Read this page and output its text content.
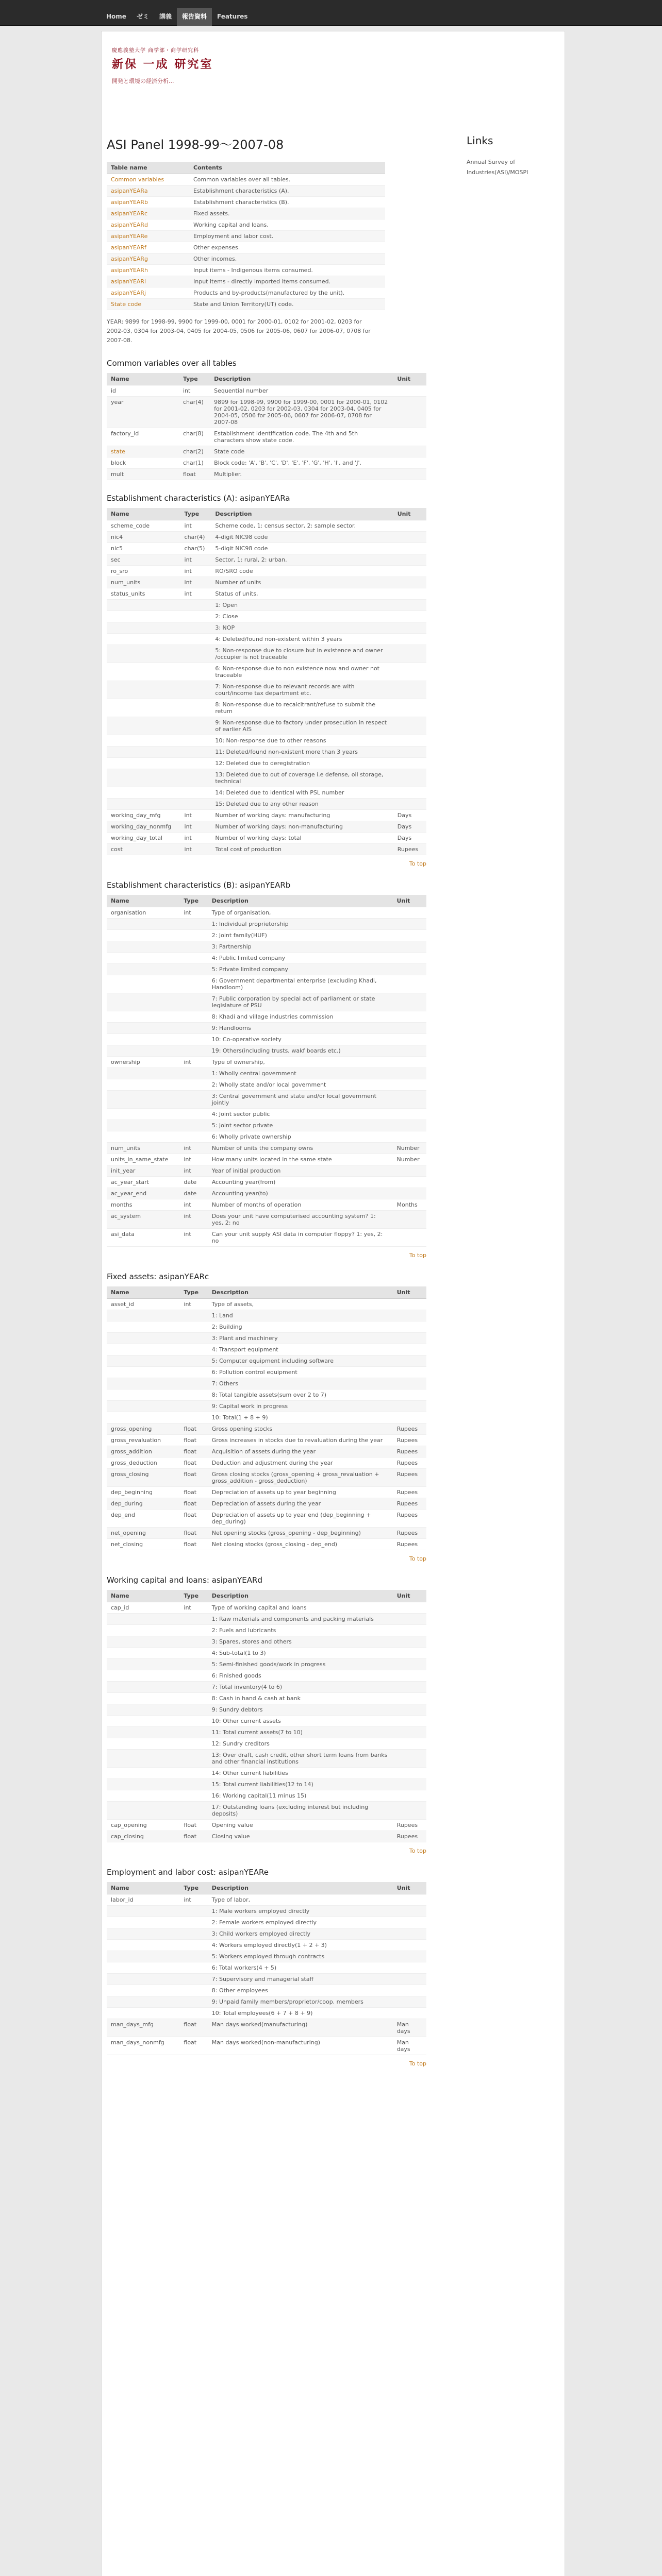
Home	ゼミ	講義	報告資料	Features
慶應義塾大学 商学部・商学研究科
新保 一成 研究室
開発と環境の経済分析...
ASI Panel 1998-99〜2007-08
Table name	Contents
Common variables	Common variables over all tables.
asipanYEARa	Establishment characteristics (A).
asipanYEARb	Establishment characteristics (B).
asipanYEARc	Fixed assets.
asipanYEARd	Working capital and loans.
asipanYEARe	Employment and labor cost.
asipanYEARf	Other expenses.
asipanYEARg	Other incomes.
asipanYEARh	Input items - Indigenous items consumed.
asipanYEARi	Input items - directly imported items consumed.
asipanYEARj	Products and by-products(manufactured by the unit).
State code	State and Union Territory(UT) code.
YEAR: 9899 for 1998-99, 9900 for 1999-00, 0001 for 2000-01, 0102 for 2001-02, 0203 for 2002-03, 0304 for 2003-04, 0405 for 2004-05, 0506 for 2005-06, 0607 for 2006-07, 0708 for 2007-08.
Common variables over all tables
Name	Type	Description	Unit
id	int	Sequential number	
year	char(4)	9899 for 1998-99, 9900 for 1999-00, 0001 for 2000-01, 0102 for 2001-02, 0203 for 2002-03, 0304 for 2003-04, 0405 for 2004-05, 0506 for 2005-06, 0607 for 2006-07, 0708 for 2007-08	
factory_id	char(8)	Establishment identification code. The 4th and 5th characters show state code.	
state	char(2)	State code	
block	char(1)	Block code: 'A', 'B', 'C', 'D', 'E', 'F', 'G', 'H', 'I', and 'J'.	
mult	float	Multiplier.	
Establishment characteristics (A): asipanYEARa
Name	Type	Description	Unit
scheme_code	int	Scheme code, 1: census sector, 2: sample sector.	
nic4	char(4)	4-digit NIC98 code	
nic5	char(5)	5-digit NIC98 code	
sec	int	Sector, 1: rural, 2: urban.	
ro_sro	int	RO/SRO code	
num_units	int	Number of units	
status_units	int	Status of units,	
		1: Open	
		2: Close	
		3: NOP	
		4: Deleted/found non-existent within 3 years	
		5: Non-response due to closure but in existence and owner /occupier is not traceable	
		6: Non-response due to non existence now and owner not traceable	
		7: Non-response due to relevant records are with court/income tax department etc.	
		8: Non-response due to recalcitrant/refuse to submit the return	
		9: Non-response due to factory under prosecution in respect of earlier AIS	
		10: Non-response due to other reasons	
		11: Deleted/found non-existent more than 3 years	
		12: Deleted due to deregistration	
		13: Deleted due to out of coverage i.e defense, oil storage, technical	
		14: Deleted due to identical with PSL number	
		15: Deleted due to any other reason	
working_day_mfg	int	Number of working days: manufacturing	Days
working_day_nonmfg	int	Number of working days: non-manufacturing	Days
working_day_total	int	Number of working days: total	Days
cost	int	Total cost of production	Rupees
To top
Establishment characteristics (B): asipanYEARb
Name	Type	Description	Unit
organisation	int	Type of organisation,	
		1: Individual proprietorship	
		2: Joint family(HUF)	
		3: Partnership	
		4: Public limited company	
		5: Private limited company	
		6: Government departmental enterprise (excluding Khadi, Handloom)	
		7: Public corporation by special act of parliament or state legislature of PSU	
		8: Khadi and village industries commission	
		9: Handlooms	
		10: Co-operative society	
		19: Others(including trusts, wakf boards etc.)	
ownership	int	Type of ownership,	
		1: Wholly central government	
		2: Wholly state and/or local government	
		3: Central government and state and/or local government jointly	
		4: Joint sector public	
		5: Joint sector private	
		6: Wholly private ownership	
num_units	int	Number of units the company owns	Number
units_in_same_state	int	How many units located in the same state	Number
init_year	int	Year of initial production	
ac_year_start	date	Accounting year(from)	
ac_year_end	date	Accounting year(to)	
months	int	Number of months of operation	Months
ac_system	int	Does your unit have computerised accounting system? 1: yes, 2: no	
asi_data	int	Can your unit supply ASI data in computer floppy? 1: yes, 2: no	
To top
Fixed assets: asipanYEARc
Name	Type	Description	Unit
asset_id	int	Type of assets,	
		1: Land	
		2: Building	
		3: Plant and machinery	
		4: Transport equipment	
		5: Computer equipment including software	
		6: Pollution control equipment	
		7: Others	
		8: Total tangible assets(sum over 2 to 7)	
		9: Capital work in progress	
		10: Total(1 + 8 + 9)	
gross_opening	float	Gross opening stocks	Rupees
gross_revaluation	float	Gross increases in stocks due to revaluation during the year	Rupees
gross_addition	float	Acquisition of assets during the year	Rupees
gross_deduction	float	Deduction and adjustment during the year	Rupees
gross_closing	float	Gross closing stocks (gross_opening + gross_revaluation + gross_addition - gross_deduction)	Rupees
dep_beginning	float	Depreciation of assets up to year beginning	Rupees
dep_during	float	Depreciation of assets during the year	Rupees
dep_end	float	Depreciation of assets up to year end (dep_beginning + dep_during)	Rupees
net_opening	float	Net opening stocks (gross_opening - dep_beginning)	Rupees
net_closing	float	Net closing stocks (gross_closing - dep_end)	Rupees
To top
Working capital and loans: asipanYEARd
Name	Type	Description	Unit
cap_id	int	Type of working capital and loans	
		1: Raw materials and components and packing materials	
		2: Fuels and lubricants	
		3: Spares, stores and others	
		4: Sub-total(1 to 3)	
		5: Semi-finished goods/work in progress	
		6: Finished goods	
		7: Total inventory(4 to 6)	
		8: Cash in hand & cash at bank	
		9: Sundry debtors	
		10: Other current assets	
		11: Total current assets(7 to 10)	
		12: Sundry creditors	
		13: Over draft, cash credit, other short term loans from banks and other financial institutions	
		14: Other current liabilities	
		15: Total current liabilities(12 to 14)	
		16: Working capital(11 minus 15)	
		17: Outstanding loans (excluding interest but including deposits)	
cap_opening	float	Opening value	Rupees
cap_closing	float	Closing value	Rupees
To top
Employment and labor cost: asipanYEARe
Name	Type	Description	Unit
labor_id	int	Type of labor,	
		1: Male workers employed directly	
		2: Female workers employed directly	
		3: Child workers employed directly	
		4: Workers employed directly(1 + 2 + 3)	
		5: Workers employed through contracts	
		6: Total workers(4 + 5)	
		7: Supervisory and managerial staff	
		8: Other employees	
		9: Unpaid family members/proprietor/coop. members	
		10: Total employees(6 + 7 + 8 + 9)	
man_days_mfg	float	Man days worked(manufacturing)	Man days
man_days_nonmfg	float	Man days worked(non-manufacturing)	Man days
To top
Links
Annual Survey of Industries(ASI)/MOSPI
